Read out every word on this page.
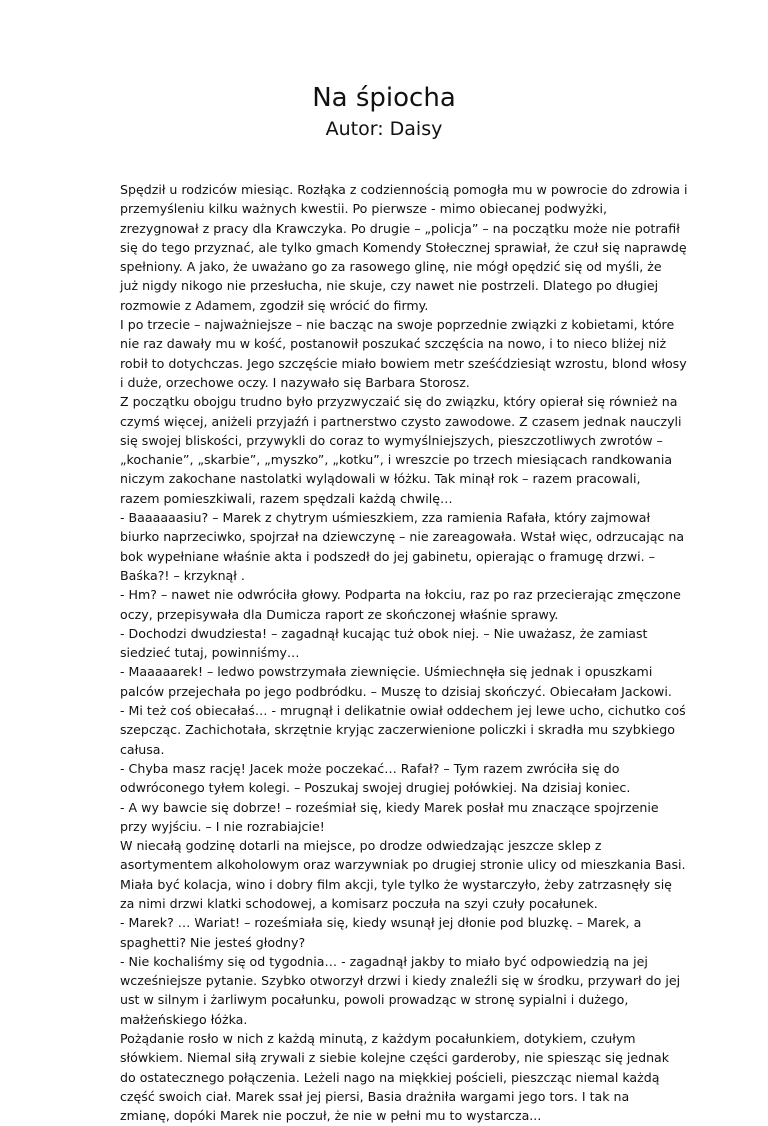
Na śpiocha
Autor: Daisy
Spędził u rodziców miesiąc. Rozłąka z codziennością pomogła mu w powrocie do zdrowia i
przemyśleniu kilku ważnych kwestii. Po pierwsze - mimo obiecanej podwyżki,
zrezygnował z pracy dla Krawczyka. Po drugie – „policja” – na początku może nie potrafił
się do tego przyznać, ale tylko gmach Komendy Stołecznej sprawiał, że czuł się naprawdę
spełniony. A jako, że uważano go za rasowego glinę, nie mógł opędzić się od myśli, że
już nigdy nikogo nie przesłucha, nie skuje, czy nawet nie postrzeli. Dlatego po długiej
rozmowie z Adamem, zgodził się wrócić do firmy.
I po trzecie – najważniejsze – nie bacząc na swoje poprzednie związki z kobietami, które
nie raz dawały mu w kość, postanowił poszukać szczęścia na nowo, i to nieco bliżej niż
robił to dotychczas. Jego szczęście miało bowiem metr sześćdziesiąt wzrostu, blond włosy
i duże, orzechowe oczy. I nazywało się Barbara Storosz.
Z początku obojgu trudno było przyzwyczaić się do związku, który opierał się również na
czymś więcej, aniżeli przyjaźń i partnerstwo czysto zawodowe. Z czasem jednak nauczyli
się swojej bliskości, przywykli do coraz to wymyślniejszych, pieszczotliwych zwrotów –
„kochanie”, „skarbie”, „myszko”, „kotku”, i wreszcie po trzech miesiącach randkowania
niczym zakochane nastolatki wylądowali w łóżku. Tak minął rok – razem pracowali,
razem pomieszkiwali, razem spędzali każdą chwilę…
- Baaaaaasiu? – Marek z chytrym uśmieszkiem, zza ramienia Rafała, który zajmował
biurko naprzeciwko, spojrzał na dziewczynę – nie zareagowała. Wstał więc, odrzucając na
bok wypełniane właśnie akta i podszedł do jej gabinetu, opierając o framugę drzwi. –
Baśka?! – krzyknął .
- Hm? – nawet nie odwróciła głowy. Podparta na łokciu, raz po raz przecierając zmęczone
oczy, przepisywała dla Dumicza raport ze skończonej właśnie sprawy.
- Dochodzi dwudziesta! – zagadnął kucając tuż obok niej. – Nie uważasz, że zamiast
siedzieć tutaj, powinniśmy…
- Maaaaarek! – ledwo powstrzymała ziewnięcie. Uśmiechnęła się jednak i opuszkami
palców przejechała po jego podbródku. – Muszę to dzisiaj skończyć. Obiecałam Jackowi.
- Mi też coś obiecałaś… - mrugnął i delikatnie owiał oddechem jej lewe ucho, cichutko coś
szepcząc. Zachichotała, skrzętnie kryjąc zaczerwienione policzki i skradła mu szybkiego
całusa.
- Chyba masz rację! Jacek może poczekać… Rafał? – Tym razem zwróciła się do
odwróconego tyłem kolegi. – Poszukaj swojej drugiej połówkiej. Na dzisiaj koniec.
- A wy bawcie się dobrze! – roześmiał się, kiedy Marek posłał mu znaczące spojrzenie
przy wyjściu. – I nie rozrabiajcie!
W niecałą godzinę dotarli na miejsce, po drodze odwiedzając jeszcze sklep z
asortymentem alkoholowym oraz warzywniak po drugiej stronie ulicy od mieszkania Basi.
Miała być kolacja, wino i dobry film akcji, tyle tylko że wystarczyło, żeby zatrzasnęły się
za nimi drzwi klatki schodowej, a komisarz poczuła na szyi czuły pocałunek.
- Marek? … Wariat! – roześmiała się, kiedy wsunął jej dłonie pod bluzkę. – Marek, a
spaghetti? Nie jesteś głodny?
- Nie kochaliśmy się od tygodnia… - zagadnął jakby to miało być odpowiedzią na jej
wcześniejsze pytanie. Szybko otworzył drzwi i kiedy znaleźli się w środku, przywarł do jej
ust w silnym i żarliwym pocałunku, powoli prowadząc w stronę sypialni i dużego,
małżeńskiego łóżka.
Pożądanie rosło w nich z każdą minutą, z każdym pocałunkiem, dotykiem, czułym
słówkiem. Niemal siłą zrywali z siebie kolejne części garderoby, nie spiesząc się jednak
do ostatecznego połączenia. Leżeli nago na miękkiej pościeli, pieszcząc niemal każdą
część swoich ciał. Marek ssał jej piersi, Basia drażniła wargami jego tors. I tak na
zmianę, dopóki Marek nie poczuł, że nie w pełni mu to wystarcza...
